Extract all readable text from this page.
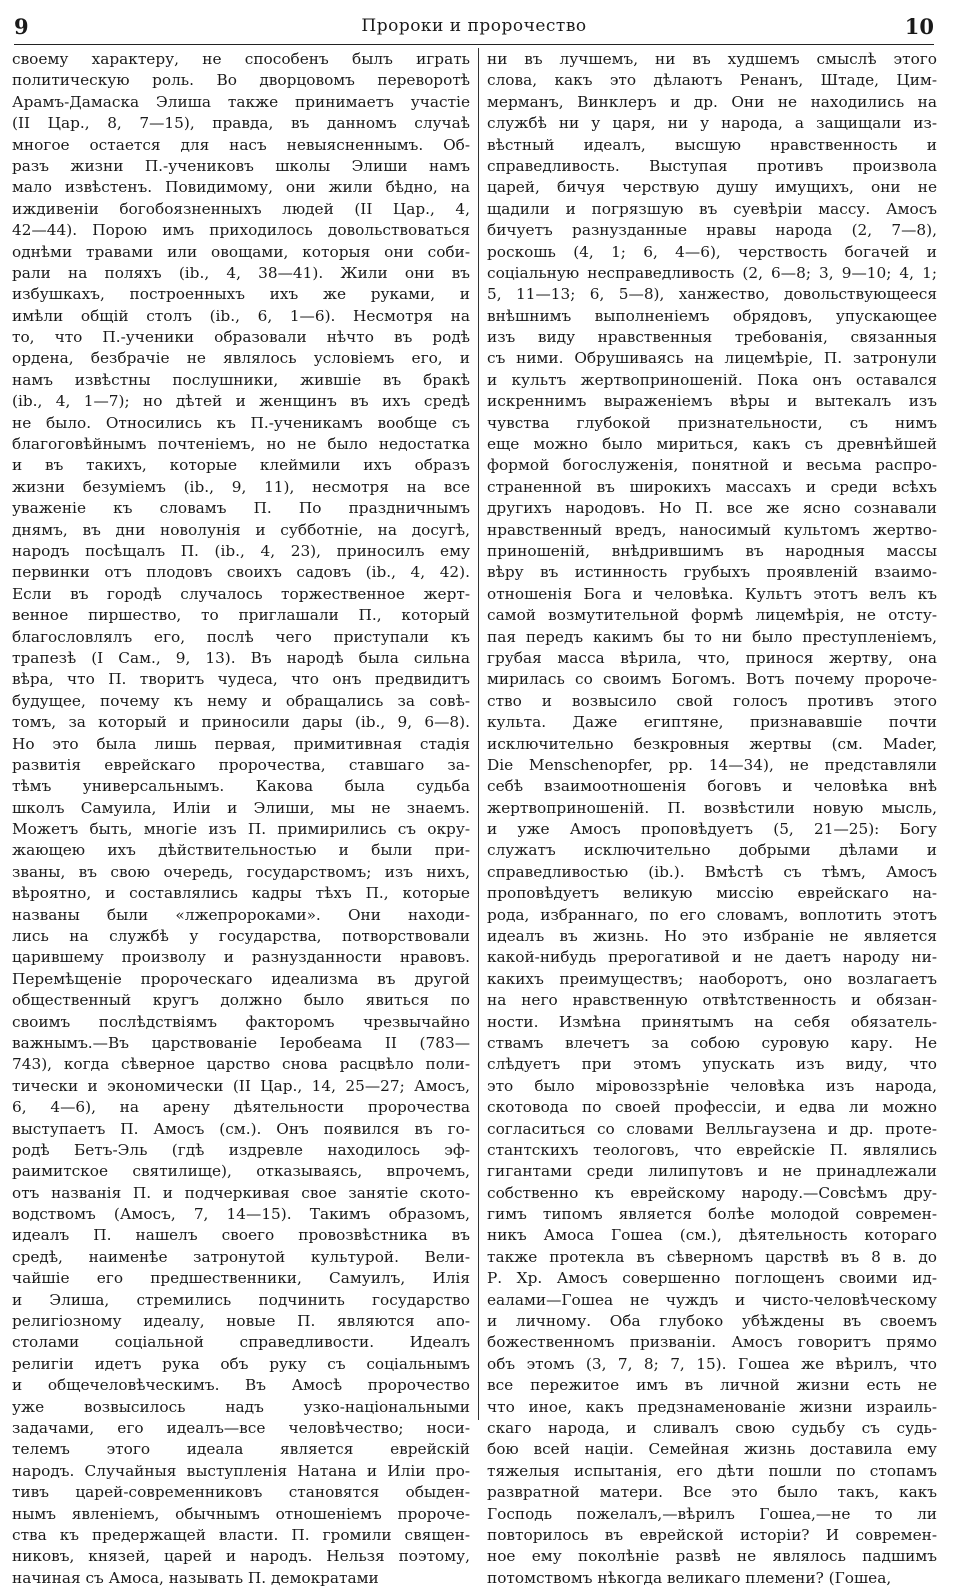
9	Пророки и пророчество	10
своему характеру, не способенъ былъ играть
политическую роль. Во дворцовомъ переворотѣ
Арамъ-Дамаска Элиша также принимаетъ участіе
(II Цар., 8, 7—15), правда, въ данномъ случаѣ
многое остается для насъ невыясненнымъ. Об-
разъ жизни П.-учениковъ школы Элиши намъ
мало извѣстенъ. Повидимому, они жили бѣдно, на
иждивеніи богобоязненныхъ людей (II Цар., 4,
42—44). Порою имъ приходилось довольствоваться
однѣми травами или овощами, которыя они соби-
рали на поляхъ (ib., 4, 38—41). Жили они въ
избушкахъ, построенныхъ ихъ же руками, и
имѣли общій столъ (ib., 6, 1—6). Несмотря на
то, что П.-ученики образовали нѣчто въ родѣ
ордена, безбрачіе не являлось условіемъ его, и
намъ извѣстны послушники, жившіе въ бракѣ
(ib., 4, 1—7); но дѣтей и женщинъ въ ихъ средѣ
не было. Относились къ П.-ученикамъ вообще съ
благоговѣйнымъ почтеніемъ, но не было недостатка
и въ такихъ, которые клеймили ихъ образъ
жизни безуміемъ (ib., 9, 11), несмотря на все
уваженіе къ словамъ П. По праздничнымъ
днямъ, въ дни новолунія и субботніе, на досугѣ,
народъ посѣщалъ П. (ib., 4, 23), приносилъ ему
первинки отъ плодовъ своихъ садовъ (ib., 4, 42).
Если въ городѣ случалось торжественное жерт-
венное пиршество, то приглашали П., который
благословлялъ его, послѣ чего приступали къ
трапезѣ (I Сам., 9, 13). Въ народѣ была сильна
вѣра, что П. творитъ чудеса, что онъ предвидитъ
будущее, почему къ нему и обращались за совѣ-
томъ, за который и приносили дары (ib., 9, 6—8).
Но это была лишь первая, примитивная стадія
развитія еврейскаго пророчества, ставшаго за-
тѣмъ универсальнымъ. Какова была судьба
школъ Самуила, Иліи и Элиши, мы не знаемъ.
Можетъ быть, многіе изъ П. примирились съ окру-
жающею ихъ дѣйствительностью и были при-
званы, въ свою очередь, государствомъ; изъ нихъ,
вѣроятно, и составлялись кадры тѣхъ П., которые
названы были «лжепророками». Они находи-
лись на службѣ у государства, потворствовали
царившему произволу и разнузданности нравовъ.
Перемѣщеніе пророческаго идеализма въ другой
общественный кругъ должно было явиться по
своимъ послѣдствіямъ факторомъ чрезвычайно
важнымъ.—Въ царствованіе Іеробеама II (783—
743), когда сѣверное царство снова расцвѣло поли-
тически и экономически (II Цар., 14, 25—27; Амосъ,
6, 4—6), на арену дѣятельности пророчества
выступаетъ П. Амосъ (см.). Онъ появился въ го-
родѣ Бетъ-Эль (гдѣ издревле находилось эф-
раимитское святилище), отказываясь, впрочемъ,
отъ названія П. и подчеркивая свое занятіе ското-
водствомъ (Амосъ, 7, 14—15). Такимъ образомъ,
идеалъ П. нашелъ своего провозвѣстника въ
средѣ, наименѣе затронутой культурой. Вели-
чайшіе его предшественники, Самуилъ, Илія
и Элиша, стремились подчинить государство
религіозному идеалу, новые П. являются апо-
столами соціальной справедливости. Идеалъ
религіи идетъ рука объ руку съ соціальнымъ
и общечеловѣческимъ. Въ Амосѣ пророчество
уже возвысилось надъ узко-національными
задачами, его идеалъ—все человѣчество; носи-
телемъ этого идеала является еврейскій
народъ. Случайныя выступленія Натана и Иліи про-
тивъ царей-современниковъ становятся обыден-
нымъ явленіемъ, обычнымъ отношеніемъ пророче-
ства къ предержащей власти. П. громили священ-
никовъ, князей, царей и народъ. Нельзя поэтому,
начиная съ Амоса, называть П. демократами
ни въ лучшемъ, ни въ худшемъ смыслѣ этого
слова, какъ это дѣлаютъ Ренанъ, Штаде, Цим-
мерманъ, Винклеръ и др. Они не находились на
службѣ ни у царя, ни у народа, а защищали из-
вѣстный идеалъ, высшую нравственность и
справедливость. Выступая противъ произвола
царей, бичуя черствую душу имущихъ, они не
щадили и погрязшую въ суевѣріи массу. Амосъ
бичуетъ разнузданные нравы народа (2, 7—8),
роскошь (4, 1; 6, 4—6), черствость богачей и
соціальную несправедливость (2, 6—8; 3, 9—10; 4, 1;
5, 11—13; 6, 5—8), ханжество, довольствующееся
внѣшнимъ выполненіемъ обрядовъ, упускающее
изъ виду нравственныя требованія, связанныя
съ ними. Обрушиваясь на лицемѣріе, П. затронули
и культъ жертвоприношеній. Пока онъ оставался
искреннимъ выраженіемъ вѣры и вытекалъ изъ
чувства глубокой признательности, съ нимъ
еще можно было мириться, какъ съ древнѣйшей
формой богослуженія, понятной и весьма распро-
страненной въ широкихъ массахъ и среди всѣхъ
другихъ народовъ. Но П. все же ясно сознавали
нравственный вредъ, наносимый культомъ жертво-
приношеній, внѣдрившимъ въ народныя массы
вѣру въ истинность грубыхъ проявленій взаимо-
отношенія Бога и человѣка. Культъ этотъ велъ къ
самой возмутительной формѣ лицемѣрія, не отсту-
пая передъ какимъ бы то ни было преступленіемъ,
грубая масса вѣрила, что, принося жертву, она
мирилась со своимъ Богомъ. Вотъ почему пророче-
ство и возвысило свой голосъ противъ этого
культа. Даже египтяне, признававшіе почти
исключительно безкровныя жертвы (см. Mader,
Die Menschenopfer, pp. 14—34), не представляли
себѣ взаимоотношенія боговъ и человѣка внѣ
жертвоприношеній. П. возвѣстили новую мысль,
и уже Амосъ проповѣдуетъ (5, 21—25): Богу
служатъ исключительно добрыми дѣлами и
справедливостью (ib.). Вмѣстѣ съ тѣмъ, Амосъ
проповѣдуетъ великую миссію еврейскаго на-
рода, избраннаго, по его словамъ, воплотить этотъ
идеалъ въ жизнь. Но это избраніе не является
какой-нибудь прерогативой и не даетъ народу ни-
какихъ преимуществъ; наоборотъ, оно возлагаетъ
на него нравственную отвѣтственность и обязан-
ности. Измѣна принятымъ на себя обязатель-
ствамъ влечетъ за собою суровую кару. Не
слѣдуетъ при этомъ упускать изъ виду, что
это было міровоззрѣніе человѣка изъ народа,
скотовода по своей профессіи, и едва ли можно
согласиться со словами Велльгаузена и др. проте-
стантскихъ теологовъ, что еврейскіе П. являлись
гигантами среди лилипутовъ и не принадлежали
собственно къ еврейскому народу.—Совсѣмъ дру-
гимъ типомъ является болѣе молодой современ-
никъ Амоса Гошеа (см.), дѣятельность котораго
также протекла въ сѣверномъ царствѣ въ 8 в. до
Р. Хр. Амосъ совершенно поглощенъ своими ид-
еалами—Гошеа не чуждъ и чисто-человѣческому
и личному. Оба глубоко убѣждены въ своемъ
божественномъ призваніи. Амосъ говоритъ прямо
объ этомъ (3, 7, 8; 7, 15). Гошеа же вѣрилъ, что
все пережитое имъ въ личной жизни есть не
что иное, какъ предзнаменованіе жизни израиль-
скаго народа, и сливалъ свою судьбу съ судь-
бою всей націи. Семейная жизнь доставила ему
тяжелыя испытанія, его дѣти пошли по стопамъ
развратной матери. Все это было такъ, какъ
Господь пожелалъ,—вѣрилъ Гошеа,—не то ли
повторилось въ еврейской исторіи? И современ-
ное ему поколѣніе развѣ не являлось падшимъ
потомствомъ нѣкогда великаго племени? (Гошеа,
